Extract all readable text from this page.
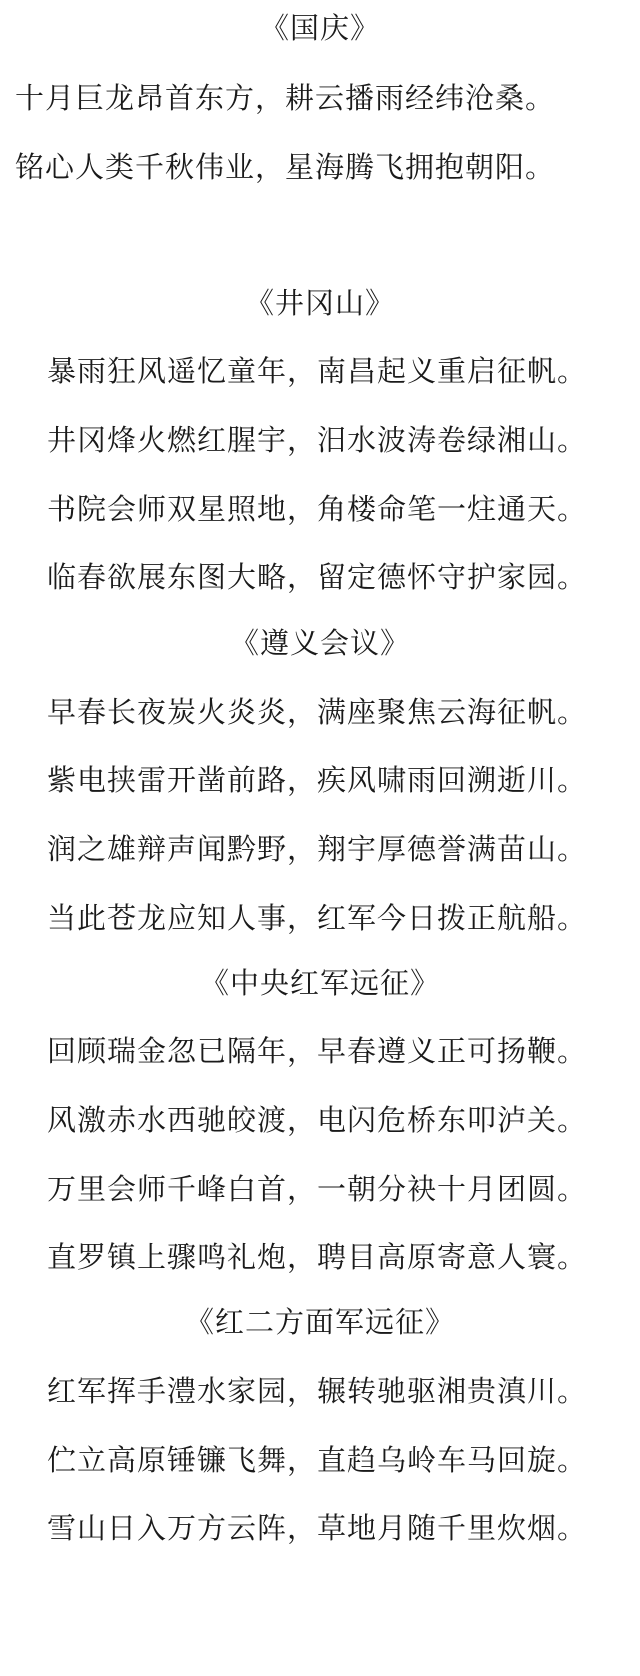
《国庆》
十月巨龙昂首东方，耕云播雨经纬沧桑。
铭心人类千秋伟业，星海腾飞拥抱朝阳。
《井冈山》
暴雨狂风遥忆童年，南昌起义重启征帆。
井冈烽火燃红腥宇，汨水波涛卷绿湘山。
书院会师双星照地，角楼命笔一炷通天。
临春欲展东图大略，留定德怀守护家园。
《遵义会议》
早春长夜炭火炎炎，满座聚焦云海征帆。
紫电挟雷开凿前路，疾风啸雨回溯逝川。
润之雄辩声闻黔野，翔宇厚德誉满苗山。
当此苍龙应知人事，红军今日拨正航船。
《中央红军远征》
回顾瑞金忽已隔年，早春遵义正可扬鞭。
风激赤水西驰皎渡，电闪危桥东叩泸关。
万里会师千峰白首，一朝分袂十月团圆。
直罗镇上骤鸣礼炮，聘目高原寄意人寰。
《红二方面军远征》
红军挥手澧水家园，辗转驰驱湘贵滇川。
伫立高原锤镰飞舞，直趋乌岭车马回旋。
雪山日入万方云阵，草地月随千里炊烟。
